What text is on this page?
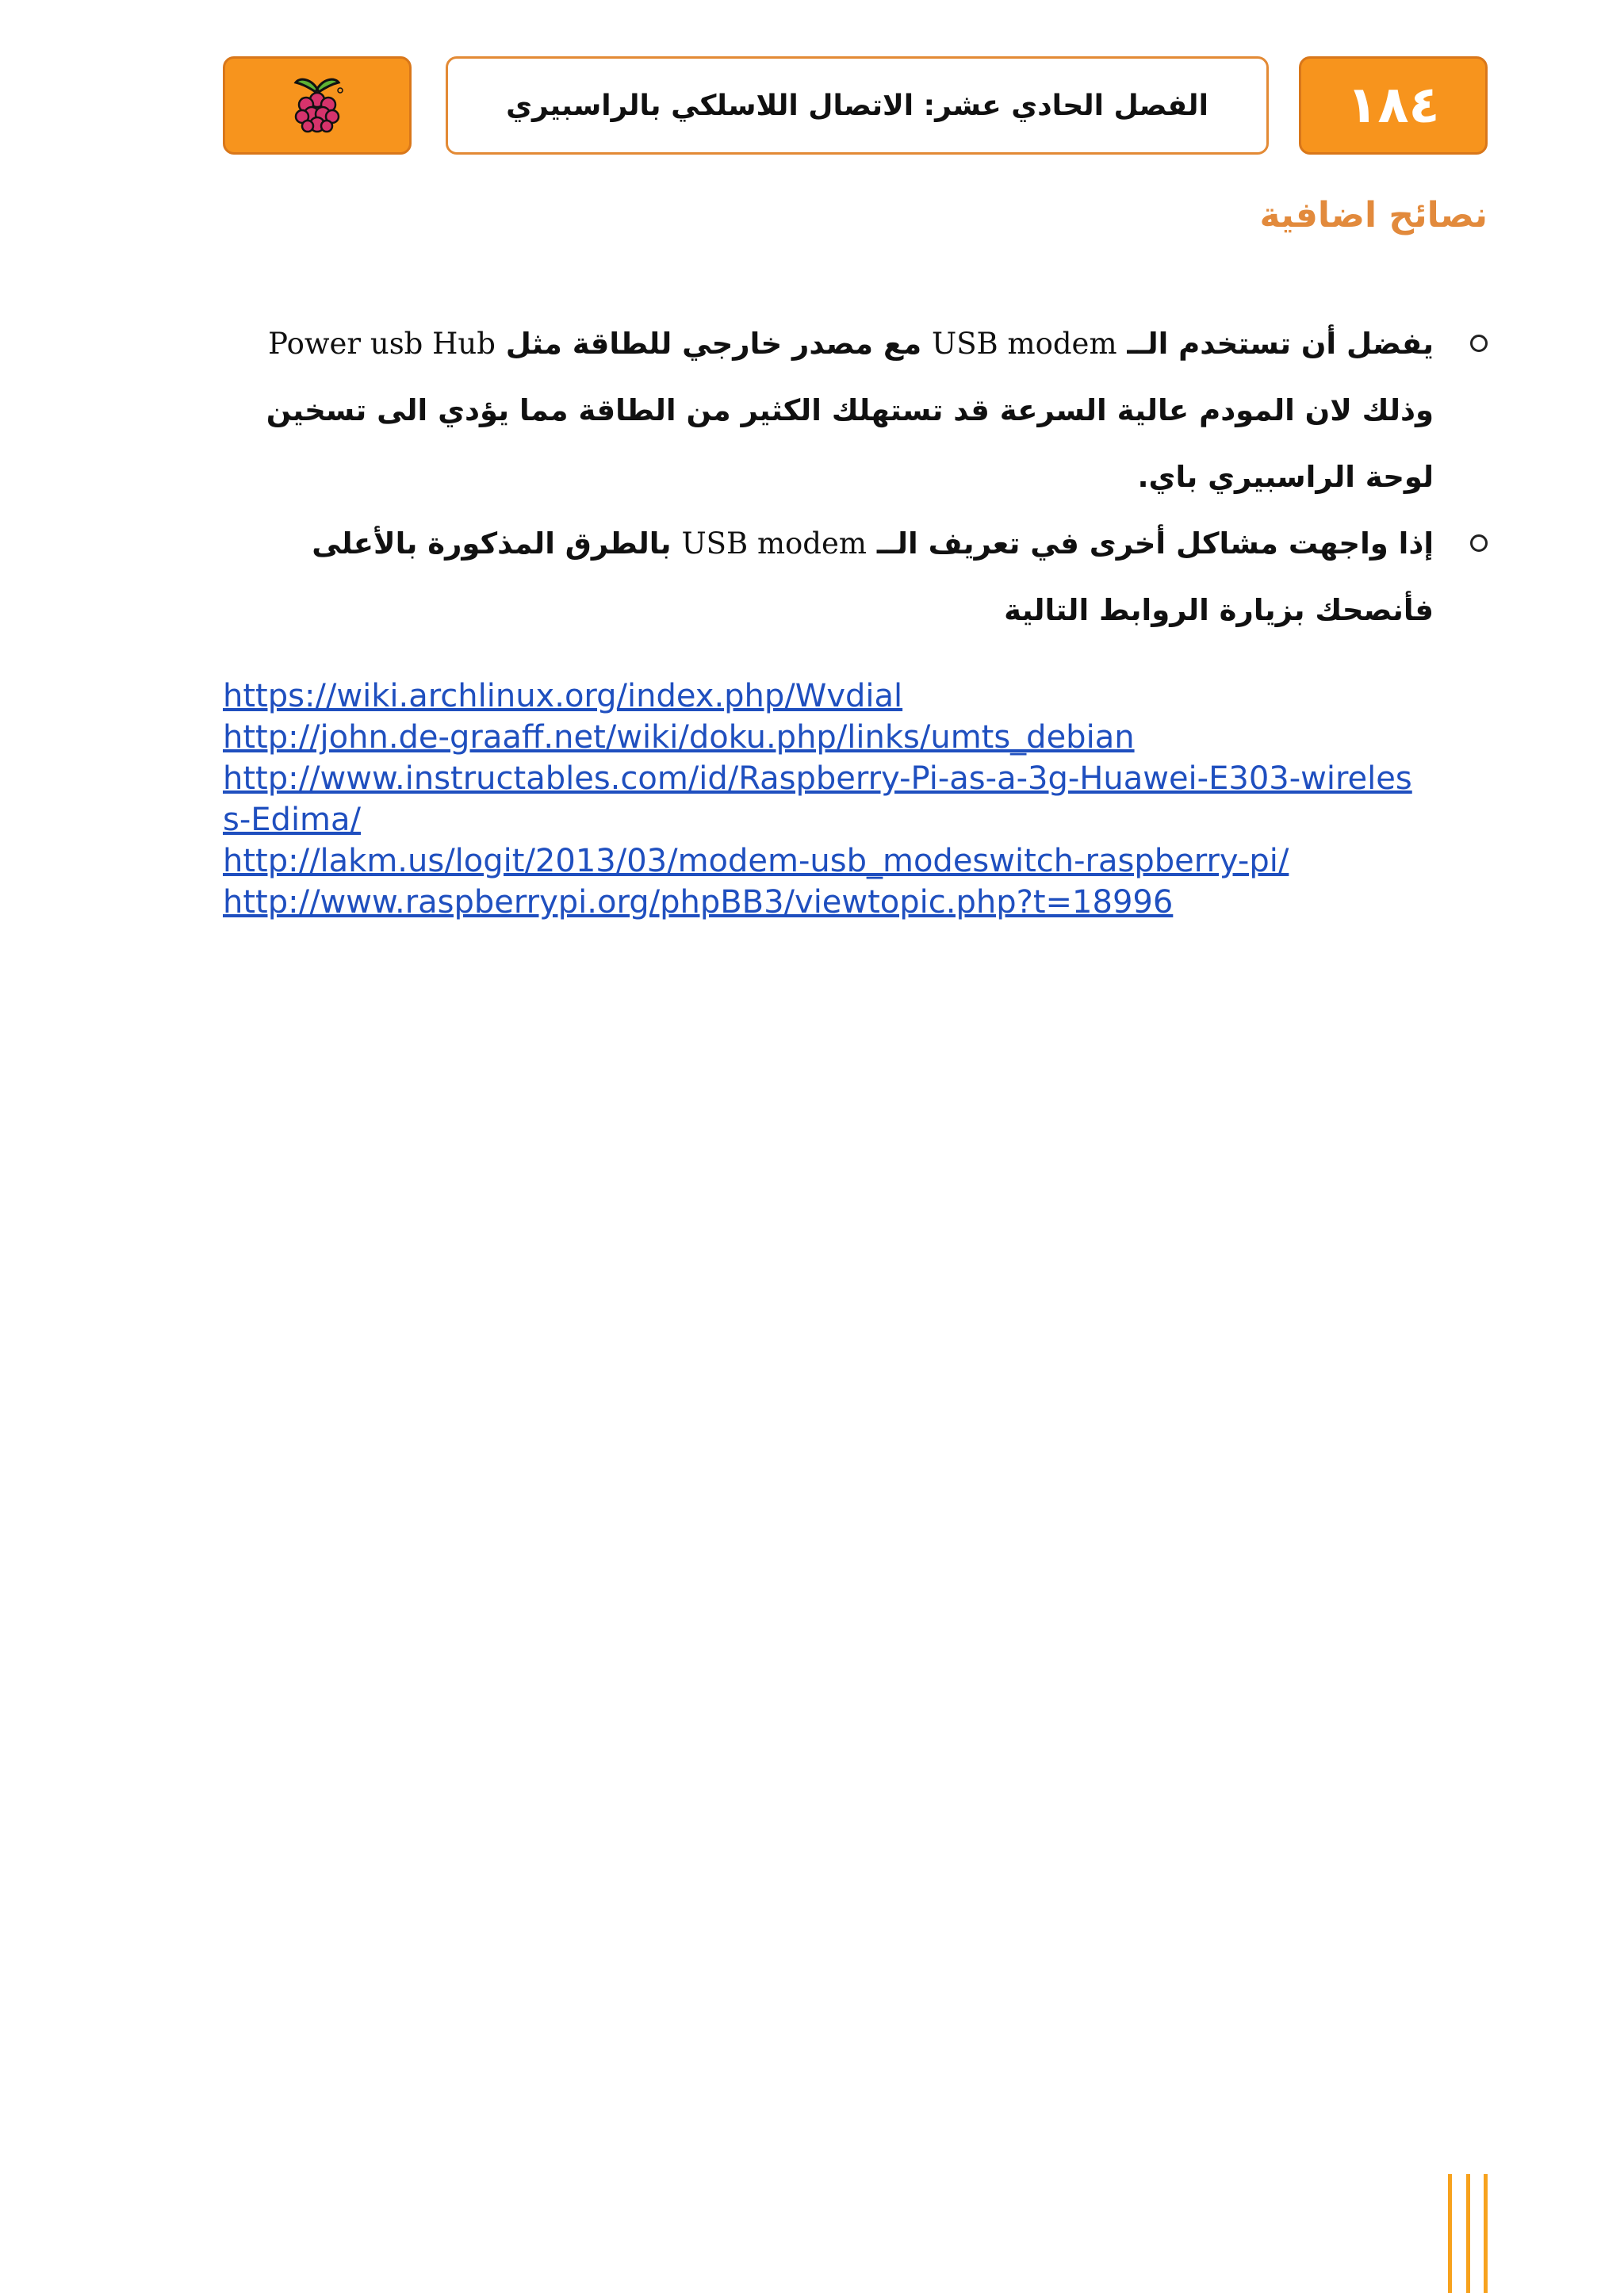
الفصل الحادي عشر: الاتصال اللاسلكي بالراسبيري	١٨٤
نصائح اضافية
يفضل أن تستخدم الــ USB modem مع مصدر خارجي للطاقة مثل Power usb Hub وذلك لان المودم عالية السرعة قد تستهلك الكثير من الطاقة مما يؤدي الى تسخين لوحة الراسبيري باي.
إذا واجهت مشاكل أخرى في تعريف الــ USB modem بالطرق المذكورة بالأعلى فأنصحك بزيارة الروابط التالية
https://wiki.archlinux.org/index.php/Wvdial
http://john.de-graaff.net/wiki/doku.php/links/umts_debian
http://www.instructables.com/id/Raspberry-Pi-as-a-3g-Huawei-E303-wireless-Edima/
http://lakm.us/logit/2013/03/modem-usb_modeswitch-raspberry-pi/
http://www.raspberrypi.org/phpBB3/viewtopic.php?t=18996
